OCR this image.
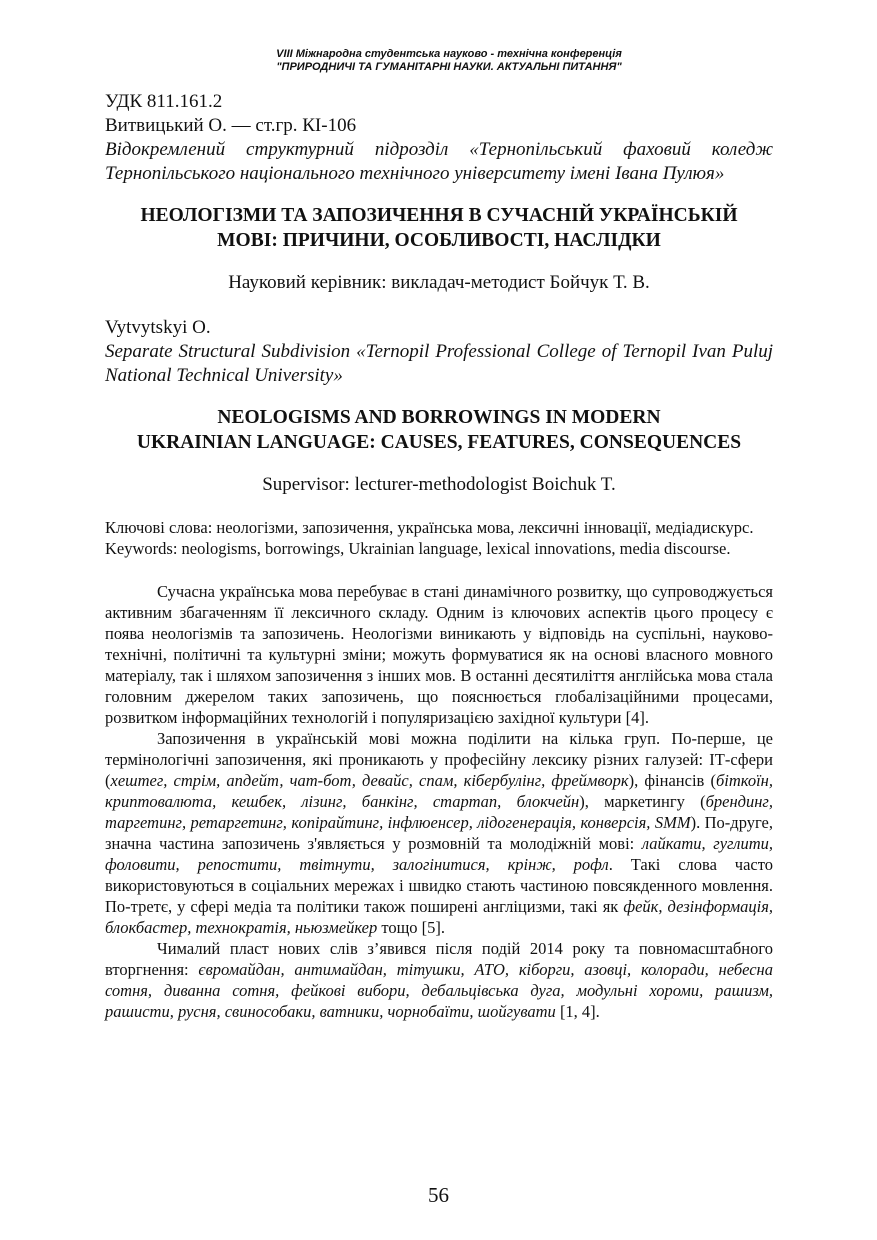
VIII Міжнародна студентська науково - технічна конференція
"ПРИРОДНИЧІ ТА ГУМАНІТАРНІ НАУКИ. АКТУАЛЬНІ ПИТАННЯ"
УДК 811.161.2
Витвицький О. — ст.гр. КІ-106
Відокремлений структурний підрозділ «Тернопільський фаховий коледж Тернопільського національного технічного університету імені Івана Пулюя»
НЕОЛОГІЗМИ ТА ЗАПОЗИЧЕННЯ В СУЧАСНІЙ УКРАЇНСЬКІЙ
МОВІ: ПРИЧИНИ, ОСОБЛИВОСТІ, НАСЛІДКИ
Науковий керівник: викладач-методист Бойчук Т. В.
Vytvytskyi O.
Separate Structural Subdivision «Ternopil Professional College of Ternopil Ivan Puluj National Technical University»
NEOLOGISMS AND BORROWINGS IN MODERN
UKRAINIAN LANGUAGE: CAUSES, FEATURES, CONSEQUENCES
Supervisor: lecturer-methodologist Boichuk T.
Ключові слова: неологізми, запозичення, українська мова, лексичні інновації, медіадискурс.
Keywords: neologisms, borrowings, Ukrainian language, lexical innovations, media discourse.

Сучасна українська мова перебуває в стані динамічного розвитку, що супроводжується активним збагаченням її лексичного складу. Одним із ключових аспектів цього процесу є поява неологізмів та запозичень. Неологізми виникають у відповідь на суспільні, науково-технічні, політичні та культурні зміни; можуть формуватися як на основі власного мовного матеріалу, так і шляхом запозичення з інших мов. В останні десятиліття англійська мова стала головним джерелом таких запозичень, що пояснюється глобалізаційними процесами, розвитком інформаційних технологій і популяризацією західної культури [4].

Запозичення в українській мові можна поділити на кілька груп. По-перше, це термінологічні запозичення, які проникають у професійну лексику різних галузей: ІТ-сфери (хештег, стрім, апдейт, чат-бот, девайс, спам, кібербулінг, фреймворк), фінансів (біткоїн, криптовалюта, кешбек, лізинг, банкінг, стартап, блокчейн), маркетингу (брендинг, таргетинг, ретаргетинг, копірайтинг, інфлюенсер, лідогенерація, конверсія, SMM). По-друге, значна частина запозичень з'являється у розмовній та молодіжній мові: лайкати, гуглити, фоловити, репостити, твітнути, залогінитися, крінж, рофл. Такі слова часто використовуються в соціальних мережах і швидко стають частиною повсякденного мовлення. По-третє, у сфері медіа та політики також поширені англіцизми, такі як фейк, дезінформація, блокбастер, технократія, ньюзмейкер тощо [5].

Чималий пласт нових слів з’явився після подій 2014 року та повномасштабного вторгнення: євромайдан, антимайдан, тітушки, АТО, кіборги, азовці, колоради, небесна сотня, диванна сотня, фейкові вибори, дебальцівська дуга, модульні хороми, рашизм, рашисти, русня, свинособаки, ватники, чорнобаїти, шойгувати [1, 4].

56
